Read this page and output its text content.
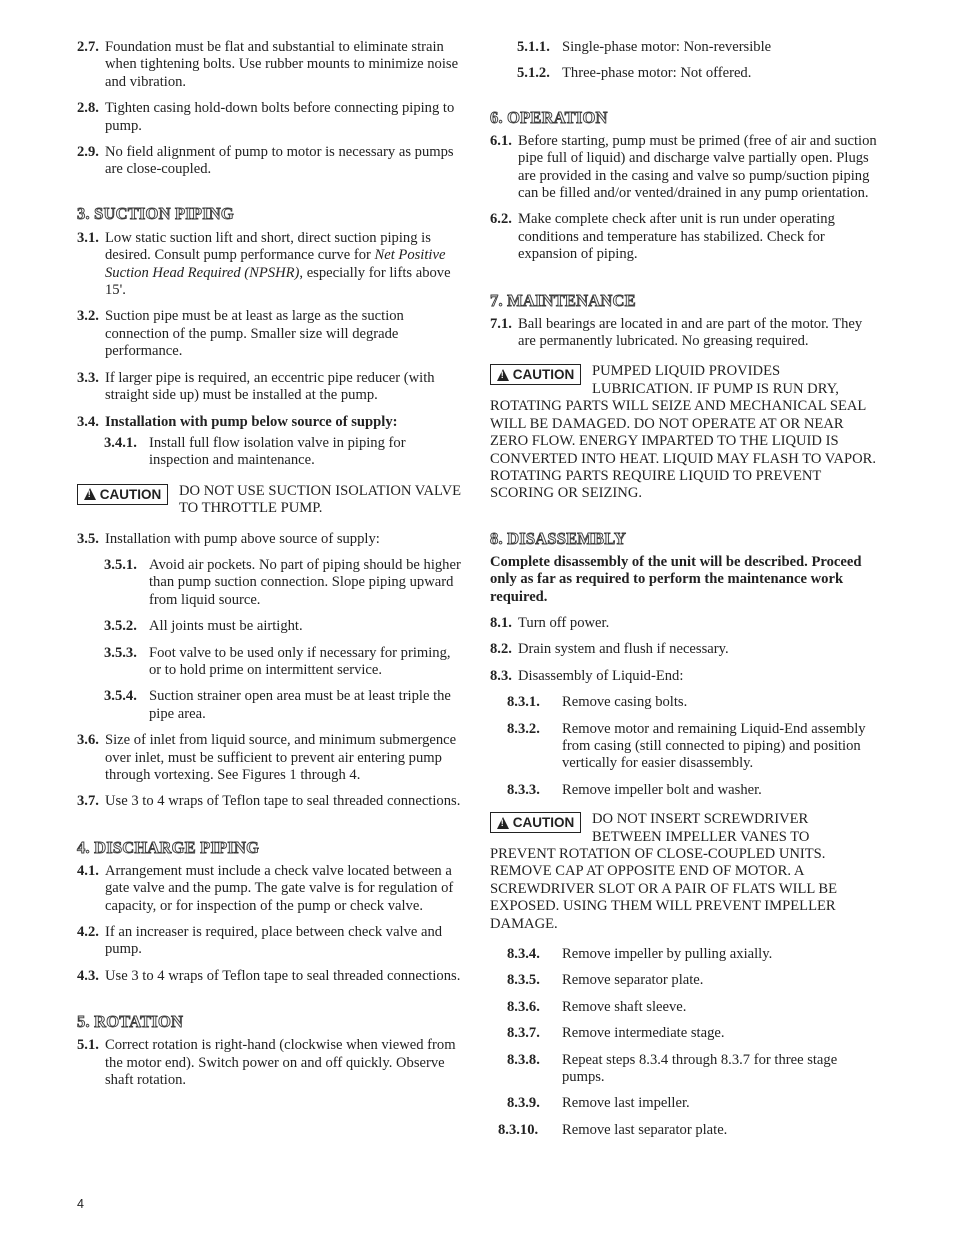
2.7. Foundation must be flat and substantial to eliminate strain when tightening bolts. Use rubber mounts to minimize noise and vibration.

2.8. Tighten casing hold-down bolts before connecting piping to pump.

2.9. No field alignment of pump to motor is necessary as pumps are close-coupled.

3. SUCTION PIPING

3.1. Low static suction lift and short, direct suction piping is desired. Consult pump performance curve for Net Positive Suction Head Required (NPSHR), especially for lifts above 15'.

3.2. Suction pipe must be at least as large as the suction connection of the pump. Smaller size will degrade performance.

3.3. If larger pipe is required, an eccentric pipe reducer (with straight side up) must be installed at the pump.

3.4. Installation with pump below source of supply:

3.4.1. Install full flow isolation valve in piping for inspection and maintenance.

!
CAUTION DO NOT USE SUCTION ISOLATION VALVE TO THROTTLE PUMP.

3.5. Installation with pump above source of supply:

3.5.1. Avoid air pockets. No part of piping should be higher than pump suction connection. Slope piping upward from liquid source.

3.5.2. All joints must be airtight.

3.5.3. Foot valve to be used only if necessary for priming, or to hold prime on intermittent service.

3.5.4. Suction strainer open area must be at least triple the pipe area.

3.6. Size of inlet from liquid source, and minimum submergence over inlet, must be sufficient to prevent air entering pump through vortexing. See Figures 1 through 4.

3.7. Use 3 to 4 wraps of Teflon tape to seal threaded connections.

4. DISCHARGE PIPING

4.1. Arrangement must include a check valve located between a gate valve and the pump. The gate valve is for regulation of capacity, or for inspection of the pump or check valve.

4.2. If an increaser is required, place between check valve and pump.

4.3. Use 3 to 4 wraps of Teflon tape to seal threaded connections.

5. ROTATION

5.1. Correct rotation is right-hand (clockwise when viewed from the motor end). Switch power on and off quickly. Observe shaft rotation.

5.1.1. Single-phase motor: Non-reversible

5.1.2. Three-phase motor: Not offered.

6. OPERATION

6.1. Before starting, pump must be primed (free of air and suction pipe full of liquid) and discharge valve partially open. Plugs are provided in the casing and valve so pump/suction piping can be filled and/or vented/drained in any pump orientation.

6.2. Make complete check after unit is run under operating conditions and temperature has stabilized. Check for expansion of piping.

7. MAINTENANCE

7.1. Ball bearings are located in and are part of the motor. They are permanently lubricated. No greasing required.

!
CAUTION PUMPED LIQUID PROVIDES LUBRICATION. IF PUMP IS RUN DRY, ROTATING PARTS WILL SEIZE AND MECHANICAL SEAL WILL BE DAMAGED. DO NOT OPERATE AT OR NEAR ZERO FLOW. ENERGY IMPARTED TO THE LIQUID IS CONVERTED INTO HEAT. LIQUID MAY FLASH TO VAPOR. ROTATING PARTS REQUIRE LIQUID TO PREVENT SCORING OR SEIZING.
8. DISASSEMBLY

Complete disassembly of the unit will be described. Proceed only as far as required to perform the maintenance work required.

8.1. Turn off power.

8.2. Drain system and flush if necessary.

8.3. Disassembly of Liquid-End:

8.3.1. Remove casing bolts.

8.3.2. Remove motor and remaining Liquid-End assembly from casing (still connected to piping) and position vertically for easier disassembly.

8.3.3. Remove impeller bolt and washer.

!
CAUTION DO NOT INSERT SCREWDRIVER BETWEEN IMPELLER VANES TO PREVENT ROTATION OF CLOSE-COUPLED UNITS. REMOVE CAP AT OPPOSITE END OF MOTOR. A SCREWDRIVER SLOT OR A PAIR OF FLATS WILL BE EXPOSED. USING THEM WILL PREVENT IMPELLER DAMAGE.

8.3.4. Remove impeller by pulling axially.

8.3.5. Remove separator plate.

8.3.6. Remove shaft sleeve.

8.3.7. Remove intermediate stage.

8.3.8. Repeat steps 8.3.4 through 8.3.7 for three stage pumps.

8.3.9. Remove last impeller.

8.3.10. Remove last separator plate.

4
